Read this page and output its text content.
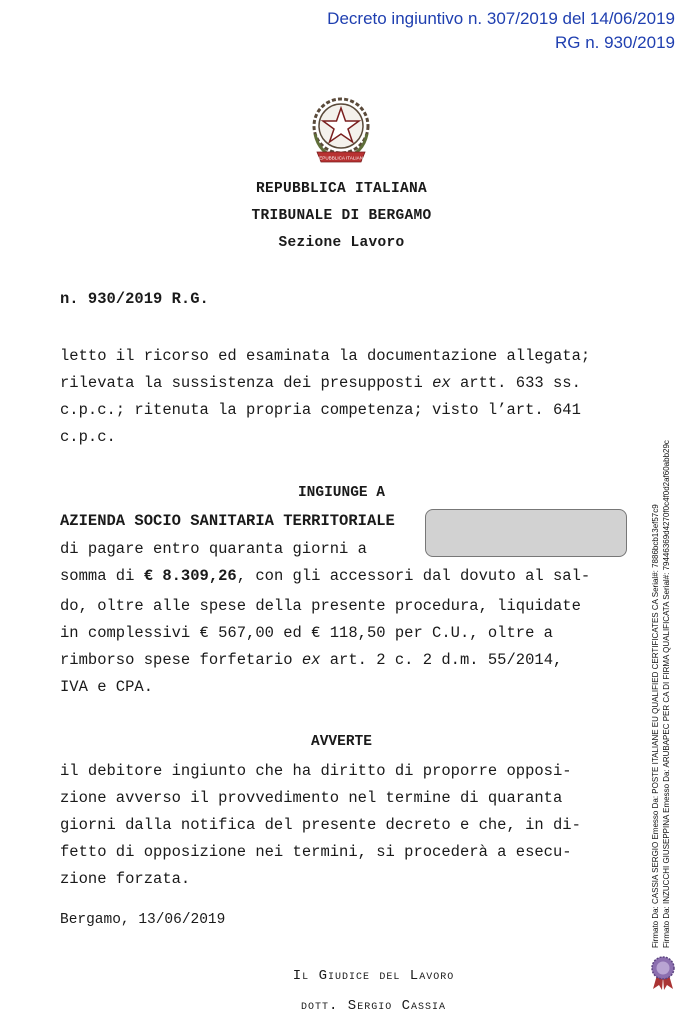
Decreto ingiuntivo n. 307/2019 del 14/06/2019
RG n. 930/2019
REPUBBLICA ITALIANA
REPUBBLICA ITALIANA
TRIBUNALE DI BERGAMO
Sezione Lavoro
n. 930/2019 R.G.
letto il ricorso ed esaminata la documentazione allegata;
rilevata la sussistenza dei presupposti ex artt. 633 ss.
c.p.c.; ritenuta la propria competenza; visto l’art. 641
c.p.c.
INGIUNGE A
AZIENDA SOCIO SANITARIA TERRITORIALE
di pagare entro quaranta giorni a
somma di € 8.309,26, con gli accessori dal dovuto al sal-
do, oltre alle spese della presente procedura, liquidate
in complessivi € 567,00 ed € 118,50 per C.U., oltre a
rimborso spese forfetario ex art. 2 c. 2 d.m. 55/2014,
IVA e CPA.
AVVERTE
il debitore ingiunto che ha diritto di proporre opposi-
zione avverso il provvedimento nel termine di quaranta
giorni dalla notifica del presente decreto e che, in di-
fetto di opposizione nei termini, si procederà a esecu-
zione forzata.
Bergamo, 13/06/2019
Il Giudice del Lavoro
dott. Sergio Cassia
Firmato Da: CASSIA SERGIO Emesso Da: POSTE ITALIANE EU QUALIFIED CERTIFICATES CA Serial#: 7886bcb13ef57c9 Firmato Da: INZUCCHI GIUSEPPINA Emesso Da: ARUBAPEC PER CA DI FIRMA QUALIFICATA Serial#: 79446369d4270f0c4f0d2af60abb29c
